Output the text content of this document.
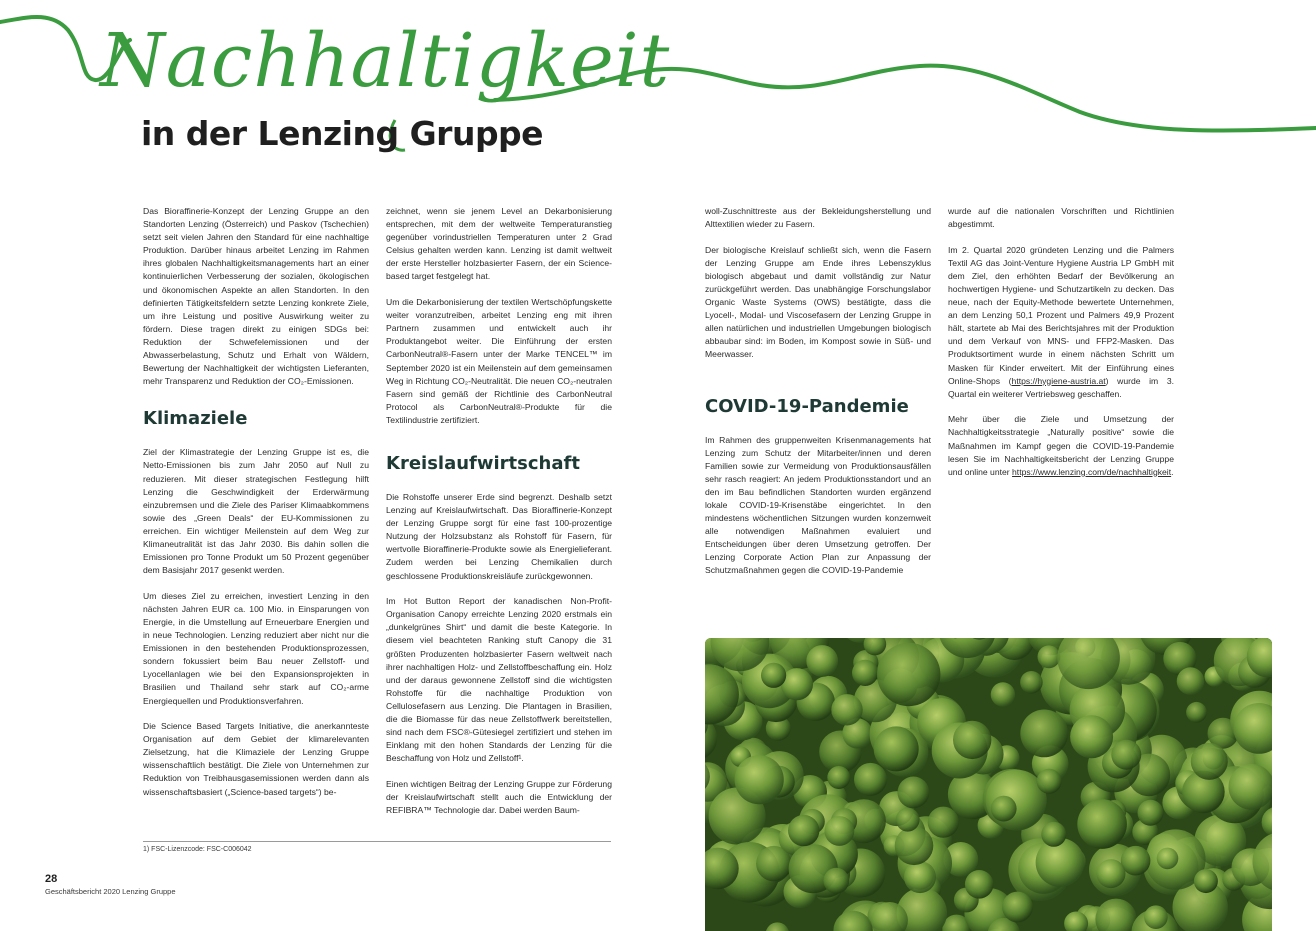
Nachhaltigkeit
in der Lenzing Gruppe

Das Bioraffinerie-Konzept der Lenzing Gruppe an den Standorten Lenzing (Österreich) und Paskov (Tschechien) setzt seit vielen Jahren den Standard für eine nachhaltige Produktion. Darüber hinaus arbeitet Lenzing im Rahmen ihres globalen Nachhaltigkeitsmanagements hart an einer kontinuierlichen Verbesserung der sozialen, ökologischen und ökonomischen Aspekte an allen Standorten. In den definierten Tätigkeitsfeldern setzte Lenzing konkrete Ziele, um ihre Leistung und positive Auswirkung weiter zu fördern. Diese tragen direkt zu einigen SDGs bei: Reduktion der Schwefelemissionen und der Abwasserbelastung, Schutz und Erhalt von Wäldern, Bewertung der Nachhaltigkeit der wichtigsten Lieferanten, mehr Transparenz und Reduktion der CO₂-Emissionen.

Klimaziele

Ziel der Klimastrategie der Lenzing Gruppe ist es, die Netto-Emissionen bis zum Jahr 2050 auf Null zu reduzieren. Mit dieser strategischen Festlegung hilft Lenzing die Geschwindigkeit der Erderwärmung einzubremsen und die Ziele des Pariser Klimaabkommens sowie des „Green Deals“ der EU-Kommissionen zu erreichen. Ein wichtiger Meilenstein auf dem Weg zur Klimaneutralität ist das Jahr 2030. Bis dahin sollen die Emissionen pro Tonne Produkt um 50 Prozent gegenüber dem Basisjahr 2017 gesenkt werden.

Um dieses Ziel zu erreichen, investiert Lenzing in den nächsten Jahren EUR ca. 100 Mio. in Einsparungen von Energie, in die Umstellung auf Erneuerbare Energien und in neue Technologien. Lenzing reduziert aber nicht nur die Emissionen in den bestehenden Produktionsprozessen, sondern fokussiert beim Bau neuer Zellstoff- und Lyocellanlagen wie bei den Expansionsprojekten in Brasilien und Thailand sehr stark auf CO₂-arme Energiequellen und Produktionsverfahren.

Die Science Based Targets Initiative, die anerkannteste Organisation auf dem Gebiet der klimarelevanten Zielsetzung, hat die Klimaziele der Lenzing Gruppe wissenschaftlich bestätigt. Die Ziele von Unternehmen zur Reduktion von Treibhausgasemissionen werden dann als wissenschaftsbasiert („Science-based targets“) be-

zeichnet, wenn sie jenem Level an Dekarbonisierung entsprechen, mit dem der weltweite Temperaturanstieg gegenüber vorindustriellen Temperaturen unter 2 Grad Celsius gehalten werden kann. Lenzing ist damit weltweit der erste Hersteller holzbasierter Fasern, der ein Science-based target festgelegt hat.

Um die Dekarbonisierung der textilen Wertschöpfungskette weiter voranzutreiben, arbeitet Lenzing eng mit ihren Partnern zusammen und entwickelt auch ihr Produktangebot weiter. Die Einführung der ersten CarbonNeutral®-Fasern unter der Marke TENCEL™ im September 2020 ist ein Meilenstein auf dem gemeinsamen Weg in Richtung CO₂-Neutralität. Die neuen CO₂-neutralen Fasern sind gemäß der Richtlinie des CarbonNeutral Protocol als CarbonNeutral®-Produkte für die Textilindustrie zertifiziert.

Kreislaufwirtschaft

Die Rohstoffe unserer Erde sind begrenzt. Deshalb setzt Lenzing auf Kreislaufwirtschaft. Das Bioraffinerie-Konzept der Lenzing Gruppe sorgt für eine fast 100-prozentige Nutzung der Holzsubstanz als Rohstoff für Fasern, für wertvolle Bioraffinerie-Produkte sowie als Energielieferant. Zudem werden bei Lenzing Chemikalien durch geschlossene Produktionskreisläufe zurückgewonnen.

Im Hot Button Report der kanadischen Non-Profit-Organisation Canopy erreichte Lenzing 2020 erstmals ein „dunkelgrünes Shirt“ und damit die beste Kategorie. In diesem viel beachteten Ranking stuft Canopy die 31 größten Produzenten holzbasierter Fasern weltweit nach ihrer nachhaltigen Holz- und Zellstoffbeschaffung ein. Holz und der daraus gewonnene Zellstoff sind die wichtigsten Rohstoffe für die nachhaltige Produktion von Cellulosefasern aus Lenzing. Die Plantagen in Brasilien, die die Biomasse für das neue Zellstoffwerk bereitstellen, sind nach dem FSC®-Gütesiegel zertifiziert und stehen im Einklang mit den hohen Standards der Lenzing für die Beschaffung von Holz und Zellstoff¹.

Einen wichtigen Beitrag der Lenzing Gruppe zur Förderung der Kreislaufwirtschaft stellt auch die Entwicklung der REFIBRA™ Technologie dar. Dabei werden Baum-

woll-Zuschnittreste aus der Bekleidungsherstellung und Alttextilien wieder zu Fasern.

Der biologische Kreislauf schließt sich, wenn die Fasern der Lenzing Gruppe am Ende ihres Lebenszyklus biologisch abgebaut und damit vollständig zur Natur zurückgeführt werden. Das unabhängige Forschungslabor Organic Waste Systems (OWS) bestätigte, dass die Lyocell-, Modal- und Viscosefasern der Lenzing Gruppe in allen natürlichen und industriellen Umgebungen biologisch abbaubar sind: im Boden, im Kompost sowie in Süß- und Meerwasser.

COVID-19-Pandemie

Im Rahmen des gruppenweiten Krisenmanagements hat Lenzing zum Schutz der Mitarbeiter/innen und deren Familien sowie zur Vermeidung von Produktionsausfällen sehr rasch reagiert: An jedem Produktionsstandort und an den im Bau befindlichen Standorten wurden ergänzend lokale COVID-19-Krisenstäbe eingerichtet. In den mindestens wöchentlichen Sitzungen wurden konzernweit alle notwendigen Maßnahmen evaluiert und Entscheidungen über deren Umsetzung getroffen. Der Lenzing Corporate Action Plan zur Anpassung der Schutzmaßnahmen gegen die COVID-19-Pandemie

wurde auf die nationalen Vorschriften und Richtlinien abgestimmt.

Im 2. Quartal 2020 gründeten Lenzing und die Palmers Textil AG das Joint-Venture Hygiene Austria LP GmbH mit dem Ziel, den erhöhten Bedarf der Bevölkerung an hochwertigen Hygiene- und Schutzartikeln zu decken. Das neue, nach der Equity-Methode bewertete Unternehmen, an dem Lenzing 50,1 Prozent und Palmers 49,9 Prozent hält, startete ab Mai des Berichtsjahres mit der Produktion und dem Verkauf von MNS- und FFP2-Masken. Das Produktsortiment wurde in einem nächsten Schritt um Masken für Kinder erweitert. Mit der Einführung eines Online-Shops (https://hygiene-austria.at) wurde im 3. Quartal ein weiterer Vertriebsweg geschaffen.

Mehr über die Ziele und Umsetzung der Nachhaltigkeitsstrategie „Naturally positive“ sowie die Maßnahmen im Kampf gegen die COVID-19-Pandemie lesen Sie im Nachhaltigkeitsbericht der Lenzing Gruppe und online unter https://www.lenzing.com/de/nachhaltigkeit.

1) FSC-Lizenzcode: FSC-C006042
28
Geschäftsbericht 2020 Lenzing Gruppe
